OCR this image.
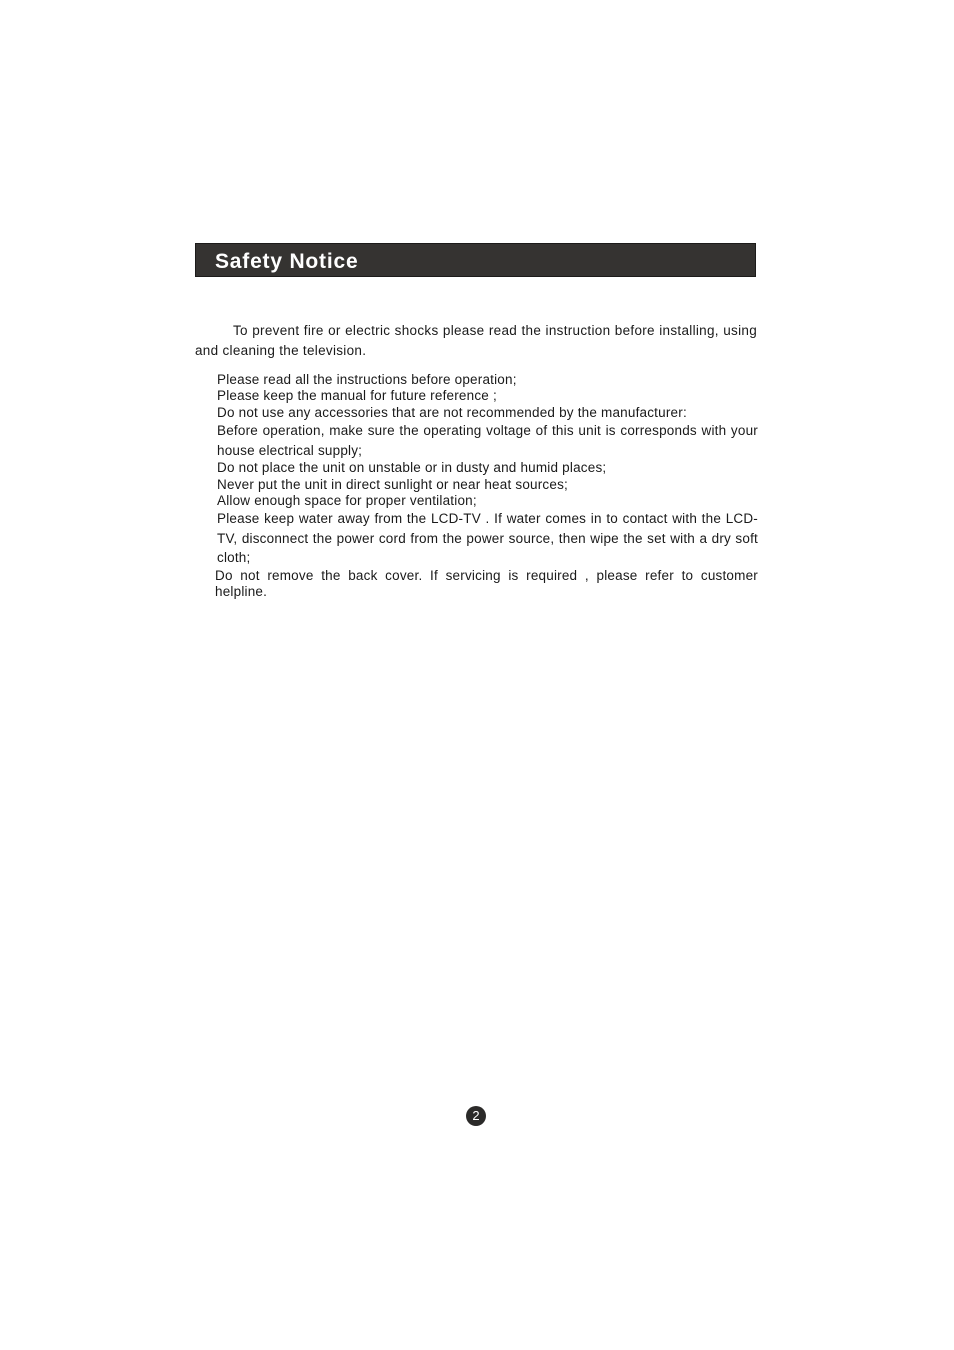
Safety Notice

To prevent fire or electric shocks please read the instruction before installing, using and cleaning the television.

Please read all the instructions before operation;
Please keep the manual for future reference ;
Do not use any accessories that are not recommended by the manufacturer:
Before operation, make sure the operating voltage of this unit is corresponds with your house electrical supply;
Do not place the unit on unstable or in dusty and humid places;
Never put the unit in direct sunlight or near heat sources;
Allow enough space for proper ventilation;
Please keep water away from the LCD-TV . If water comes in to contact with the LCD-TV, disconnect the power cord from the power source, then wipe the set with a dry soft cloth;
Do not remove the back cover. If servicing is required , please refer to customer helpline.
2
